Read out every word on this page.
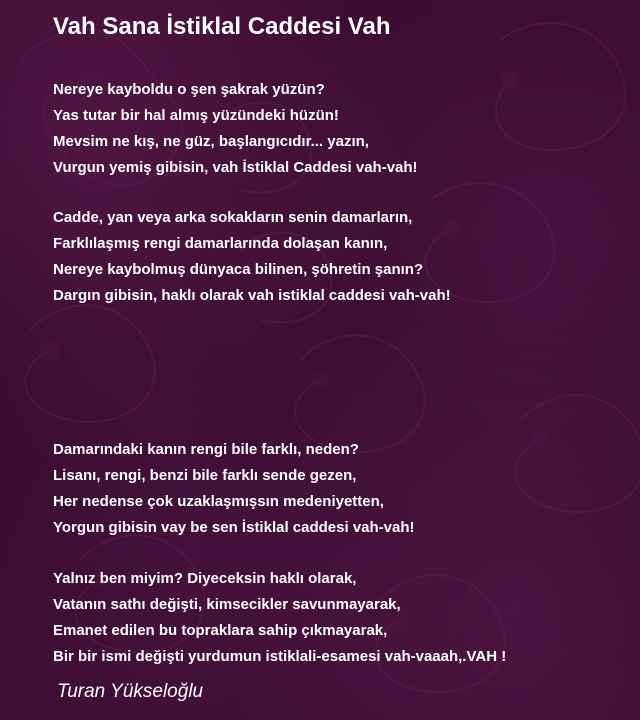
Vah Sana İstiklal Caddesi Vah
Nereye kayboldu o şen şakrak yüzün?
Yas tutar bir hal almış yüzündeki hüzün!
Mevsim ne kış, ne güz, başlangıcıdır... yazın,
Vurgun yemiş gibisin, vah İstiklal Caddesi vah-vah!
Cadde, yan veya arka sokakların senin damarların,
Farklılaşmış rengi damarlarında dolaşan kanın,
Nereye kaybolmuş dünyaca bilinen, şöhretin şanın?
Dargın gibisin, haklı olarak vah istiklal caddesi vah-vah!
Damarındaki kanın rengi bile farklı, neden?
Lisanı, rengi, benzi bile farklı sende gezen,
Her nedense çok uzaklaşmışsın medeniyetten,
Yorgun gibisin vay be sen İstiklal caddesi vah-vah!
Yalnız ben miyim? Diyeceksin haklı olarak,
Vatanın sathı değişti, kimsecikler savunmayarak,
Emanet edilen bu topraklara sahip çıkmayarak,
Bir bir ismi değişti yurdumun istiklali-esamesi vah-vaaah,.VAH !
Turan Yükseloğlu
